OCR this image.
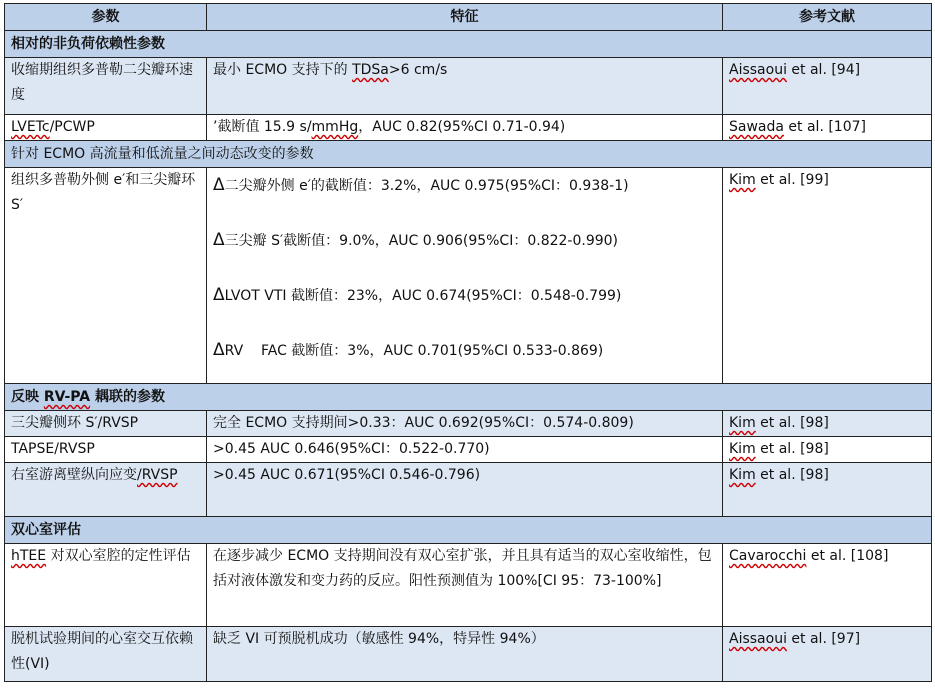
参数	特征	参考文献
相对的非负荷依赖性参数		
收缩期组织多普勒二尖瓣环速度	最小 ECMO 支持下的 TDSa>6 cm/s	Aissaoui et al. [94]
LVETc/PCWP	’截断值 15.9 s/mmHg，AUC 0.82(95%CI 0.71-0.94)	Sawada et al. [107]
针对 ECMO 高流量和低流量之间动态改变的参数		
组织多普勒外侧 e′和三尖瓣环 S′	Δ二尖瓣外侧 e′的截断值：3.2%，AUC 0.975(95%CI：0.938-1)

Δ三尖瓣 S′截断值：9.0%，AUC 0.906(95%CI：0.822-0.990)

ΔLVOT VTI 截断值：23%，AUC 0.674(95%CI：0.548-0.799)

ΔRV    FAC 截断值：3%，AUC 0.701(95%CI 0.533-0.869)	Kim et al. [99]
反映 RV-PA 耦联的参数		
三尖瓣侧环 S′/RVSP	完全 ECMO 支持期间>0.33：AUC 0.692(95%CI：0.574-0.809)	Kim et al. [98]
TAPSE/RVSP	>0.45 AUC 0.646(95%CI：0.522-0.770)	Kim et al. [98]
右室游离壁纵向应变/RVSP	>0.45 AUC 0.671(95%CI 0.546-0.796)	Kim et al. [98]
双心室评估		
hTEE 对双心室腔的定性评估	在逐步减少 ECMO 支持期间没有双心室扩张，并且具有适当的双心室收缩性，包括对液体激发和变力药的反应。阳性预测值为 100%[CI 95：73-100%]	Cavarocchi et al. [108]
脱机试验期间的心室交互依赖性(VI)	缺乏 VI 可预脱机成功（敏感性 94%，特异性 94%）	Aissaoui et al. [97]
